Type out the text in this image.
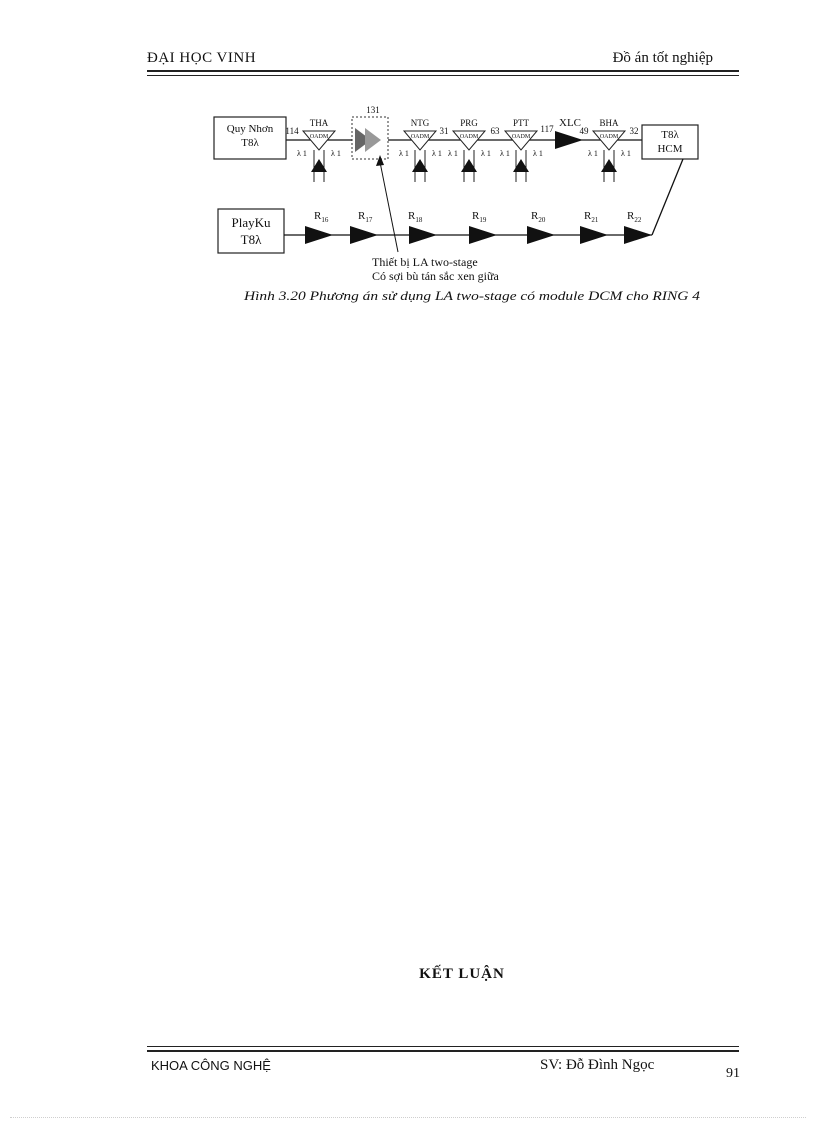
ĐẠI HỌC VINH	Đồ án tốt nghiệp
Quy Nhơn
T8λ
T8λ
HCM
131
XLC
114	31	63	117	49	32
THA
OADM
λ 1	λ 1
NTG
OADM
λ 1	λ 1
PRG
OADM
λ 1	λ 1
PTT
OADM
λ 1	λ 1
BHA
OADM
λ 1	λ 1
PlayKu
T8λ
$R_{16}$	$R_{17}$	$R_{18}$	$R_{19}$	$R_{20}$	$R_{21}$	$R_{22}$
Thiết bị LA two-stage
Có sợi bù tán sắc xen giữa
Hình 3.20 Phương án sử dụng LA two-stage có module DCM cho RING 4
KẾT LUẬN
KHOA CÔNG NGHỆ	SV: Đỗ Đình Ngọc
91
